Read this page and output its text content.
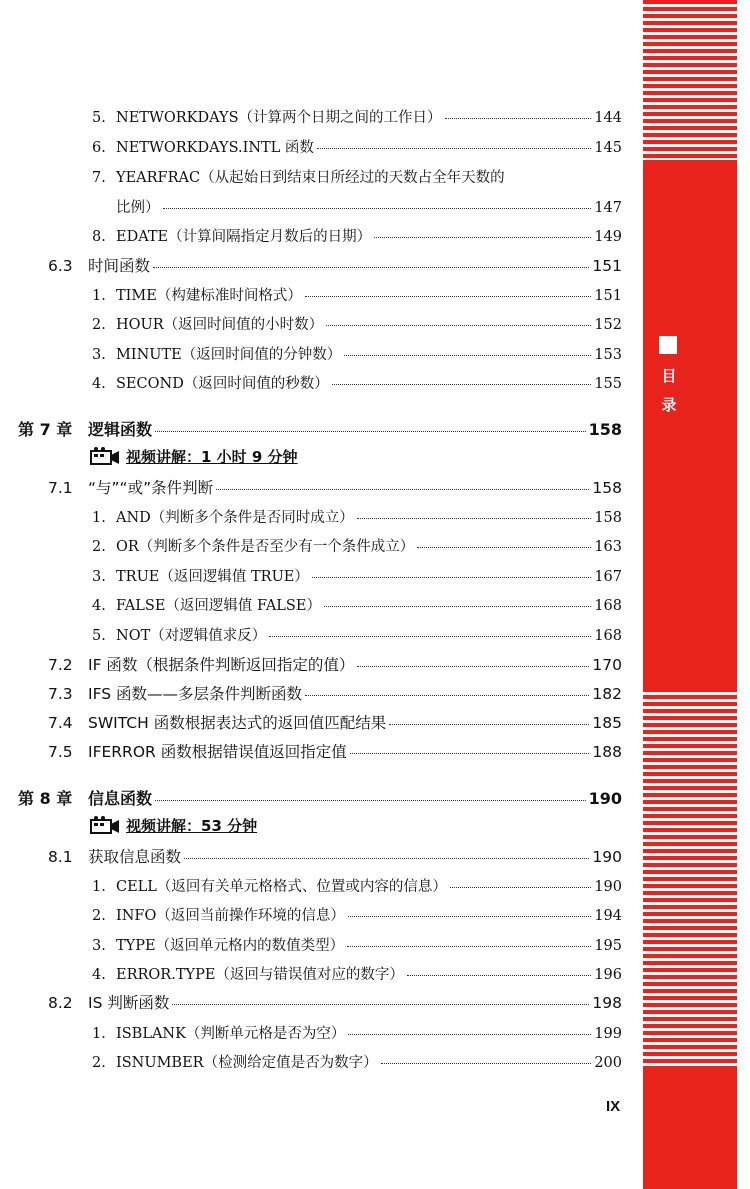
目
录
5. NETWORKDAYS（计算两个日期之间的工作日）	144
6. NETWORKDAYS.INTL 函数	145
7. YEARFRAC（从起始日到结束日所经过的天数占全年天数的
比例）	147
8. EDATE（计算间隔指定月数后的日期）	149
6.3 时间函数	151
1. TIME（构建标准时间格式）	151
2. HOUR（返回时间值的小时数）	152
3. MINUTE（返回时间值的分钟数）	153
4. SECOND（返回时间值的秒数）	155
第 7 章 逻辑函数	158
视频讲解：1 小时 9 分钟
7.1 “与”“或”条件判断	158
1. AND（判断多个条件是否同时成立）	158
2. OR（判断多个条件是否至少有一个条件成立）	163
3. TRUE（返回逻辑值 TRUE）	167
4. FALSE（返回逻辑值 FALSE）	168
5. NOT（对逻辑值求反）	168
7.2 IF 函数（根据条件判断返回指定的值）	170
7.3 IFS 函数——多层条件判断函数	182
7.4 SWITCH 函数根据表达式的返回值匹配结果	185
7.5 IFERROR 函数根据错误值返回指定值	188
第 8 章 信息函数	190
视频讲解：53 分钟
8.1 获取信息函数	190
1. CELL（返回有关单元格格式、位置或内容的信息）	190
2. INFO（返回当前操作环境的信息）	194
3. TYPE（返回单元格内的数值类型）	195
4. ERROR.TYPE（返回与错误值对应的数字）	196
8.2 IS 判断函数	198
1. ISBLANK（判断单元格是否为空）	199
2. ISNUMBER（检测给定值是否为数字）	200
IX
